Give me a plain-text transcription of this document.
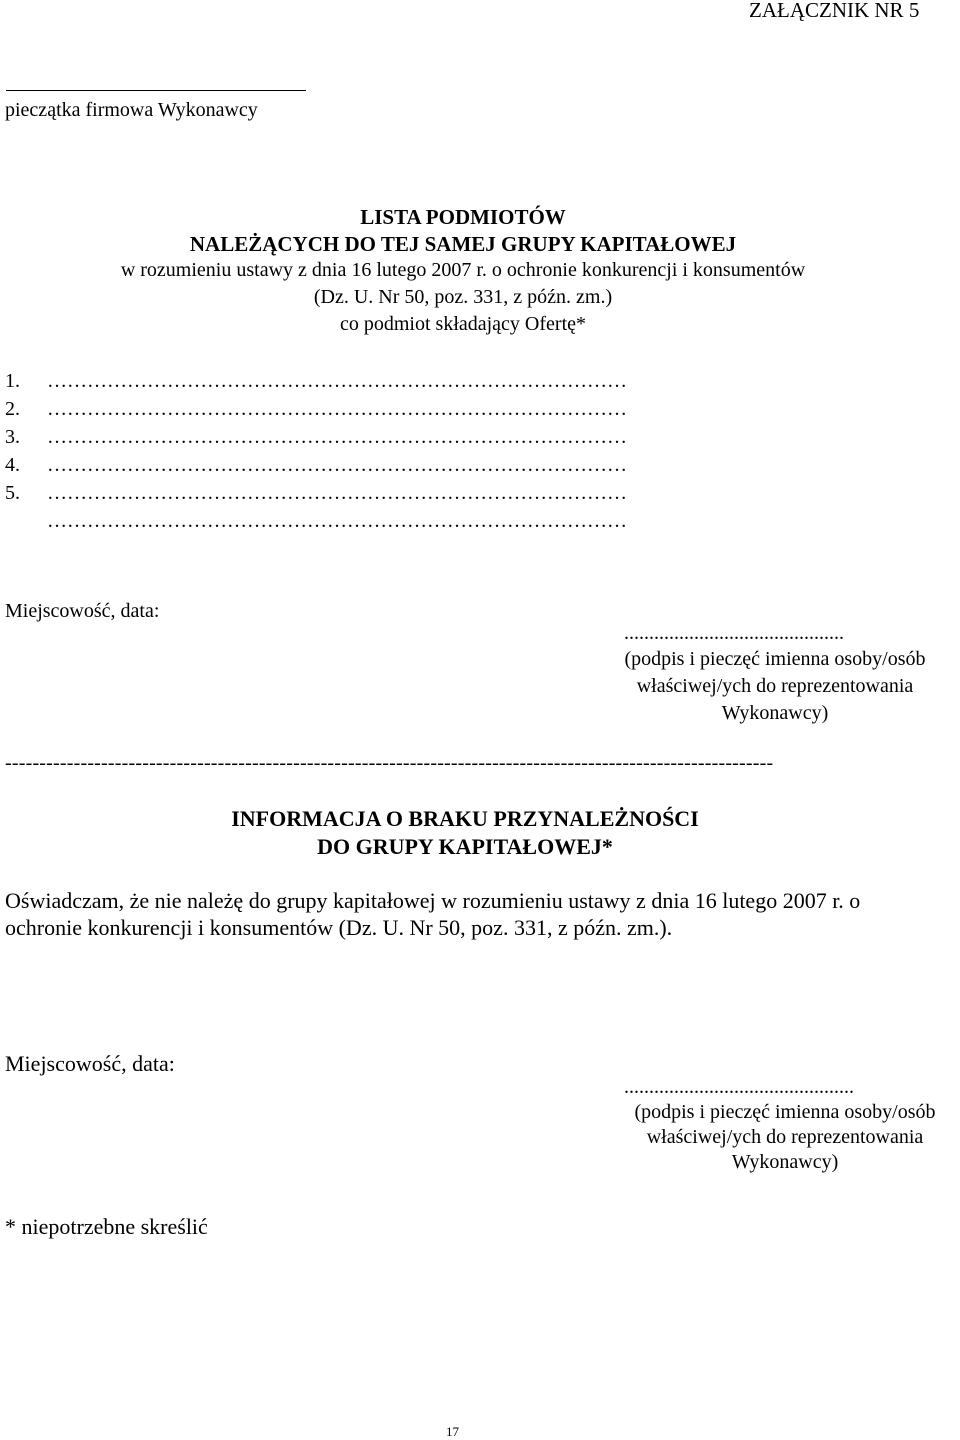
ZAŁĄCZNIK NR 5
pieczątka firmowa Wykonawcy
LISTA PODMIOTÓW
NALEŻĄCYCH DO TEJ SAMEJ GRUPY KAPITAŁOWEJ
w rozumieniu ustawy z dnia 16 lutego 2007 r. o ochronie konkurencji i konsumentów
(Dz. U. Nr 50, poz. 331, z późn. zm.)
co podmiot składający Ofertę*
1. ……………………………………………………………………………
2. ……………………………………………………………………………
3. ……………………………………………………………………………
4. ……………………………………………………………………………
5. ……………………………………………………………………………
……………………………………………………………………………
Miejscowość, data:
............................................
(podpis i pieczęć imienna osoby/osób
właściwej/ych do reprezentowania
Wykonawcy)
----------------------------------------------------------------------------------------------------------------
INFORMACJA O BRAKU PRZYNALEŻNOŚCI
DO GRUPY KAPITAŁOWEJ*
Oświadczam, że nie należę do grupy kapitałowej w rozumieniu ustawy z dnia 16 lutego 2007 r. o
ochronie konkurencji i konsumentów (Dz. U. Nr 50, poz. 331, z późn. zm.).
Miejscowość, data:
..............................................
(podpis i pieczęć imienna osoby/osób
właściwej/ych do reprezentowania
Wykonawcy)
* niepotrzebne skreślić
17
